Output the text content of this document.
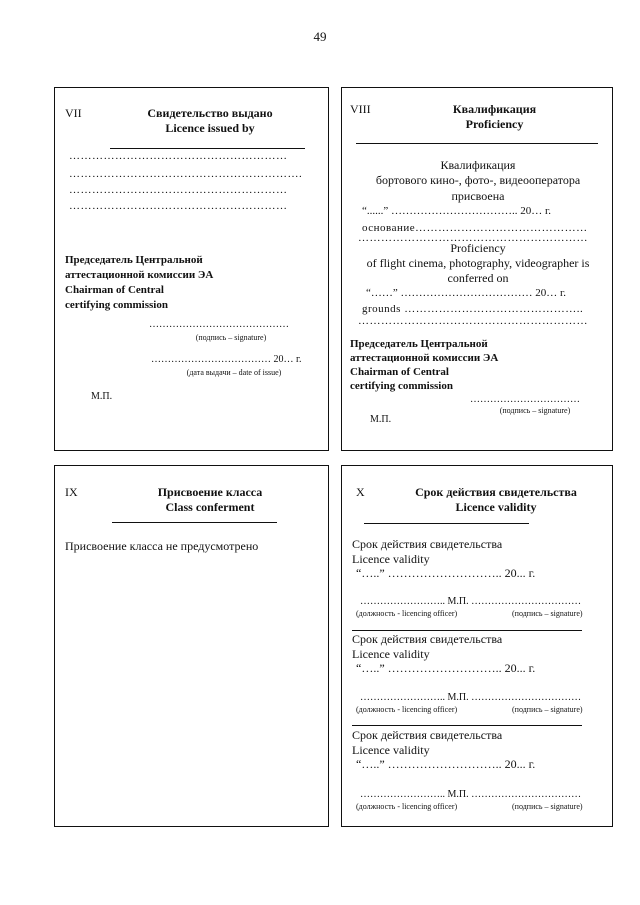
49
VII	Свидетельство выдано
Licence issued by
…………………………………………………
…………………………………………………….
…………………………………………………
…………………………………………………
Председатель Центральной
аттестационной комиссии ЭА
Chairman of Central
certifying commission
……………………………………
(подпись – signature)
……………………………… 20… г.
(дата выдачи – date of issue)
М.П.
VIII	Квалификация
Proficiency
Квалификация
бортового кино-, фото-, видеооператора
присвоена
“......” …………………………….. 20… г.
основание………………………………………
……………………………………………………
Proficiency
of flight cinema, photography, videographer is
conferred on
“……” ……………………………… 20… г.
grounds ………………………………………..
……………………………………………………
Председатель Центральной
аттестационной комиссии ЭА
Chairman of Central
certifying commission
……………………………
(подпись – signature)
М.П.
IX	Присвоение класса
Class conferment
Присвоение класса не предусмотрено
X	Срок действия свидетельства
Licence validity
Срок действия свидетельства
Licence validity
“…..” ……………………….. 20... г.
…………………….. М.П. ……………………………
(должность - licencing officer)	(подпись – signature)
Срок действия свидетельства
Licence validity
“…..” ……………………….. 20... г.
…………………….. М.П. ……………………………
(должность - licencing officer)	(подпись – signature)
Срок действия свидетельства
Licence validity
“…..” ……………………….. 20... г.
…………………….. М.П. ……………………………
(должность - licencing officer)	(подпись – signature)
